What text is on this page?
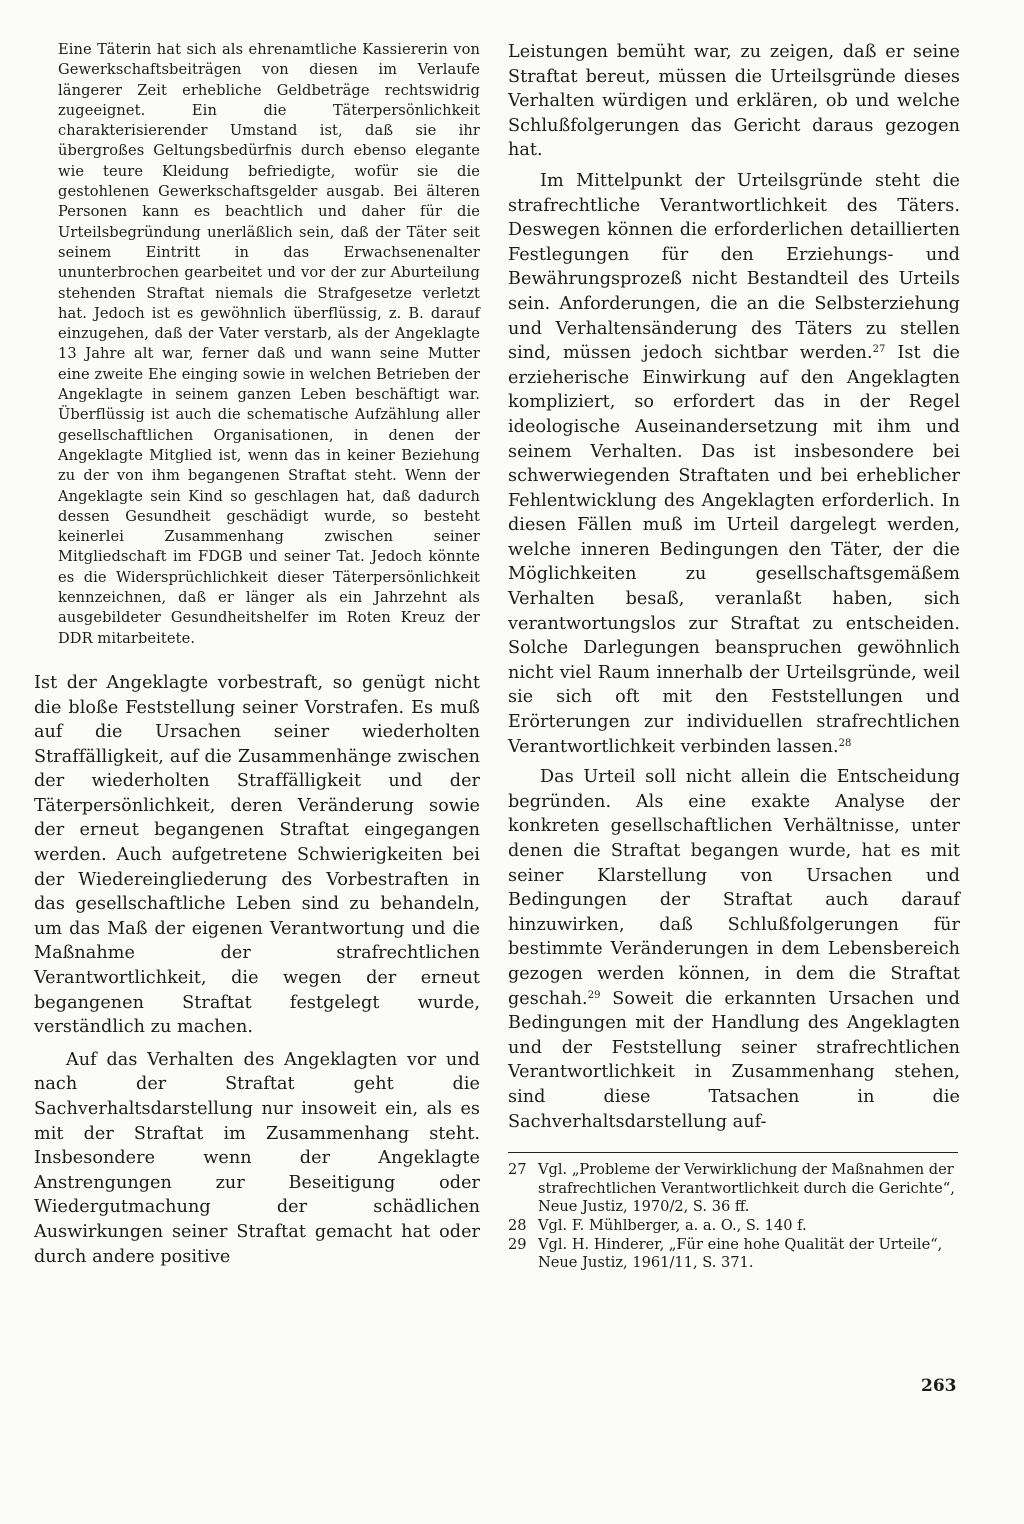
Eine Täterin hat sich als ehrenamtliche Kassiererin von Gewerkschaftsbeiträgen von diesen im Verlaufe längerer Zeit erhebliche Geldbeträge rechtswidrig zugeeignet. Ein die Täterpersönlichkeit charakterisierender Umstand ist, daß sie ihr übergroßes Geltungsbedürfnis durch ebenso elegante wie teure Kleidung befriedigte, wofür sie die gestohlenen Gewerkschaftsgelder ausgab. Bei älteren Personen kann es beachtlich und daher für die Urteilsbegründung unerläßlich sein, daß der Täter seit seinem Eintritt in das Erwachsenenalter ununterbrochen gearbeitet und vor der zur Aburteilung stehenden Straftat niemals die Strafgesetze verletzt hat. Jedoch ist es gewöhnlich überflüssig, z. B. darauf einzugehen, daß der Vater verstarb, als der Angeklagte 13 Jahre alt war, ferner daß und wann seine Mutter eine zweite Ehe einging sowie in welchen Betrieben der Angeklagte in seinem ganzen Leben beschäftigt war. Überflüssig ist auch die schematische Aufzählung aller gesellschaftlichen Organisationen, in denen der Angeklagte Mitglied ist, wenn das in keiner Beziehung zu der von ihm begangenen Straftat steht. Wenn der Angeklagte sein Kind so geschlagen hat, daß dadurch dessen Gesundheit geschädigt wurde, so besteht keinerlei Zusammenhang zwischen seiner Mitgliedschaft im FDGB und seiner Tat. Jedoch könnte es die Widersprüchlichkeit dieser Täterpersönlichkeit kennzeichnen, daß er länger als ein Jahrzehnt als ausgebildeter Gesundheitshelfer im Roten Kreuz der DDR mitarbeitete.

Ist der Angeklagte vorbestraft, so genügt nicht die bloße Feststellung seiner Vorstrafen. Es muß auf die Ursachen seiner wiederholten Straffälligkeit, auf die Zusammenhänge zwischen der wiederholten Straffälligkeit und der Täterpersönlichkeit, deren Veränderung sowie der erneut begangenen Straftat eingegangen werden. Auch aufgetretene Schwierigkeiten bei der Wiedereingliederung des Vorbestraften in das gesellschaftliche Leben sind zu behandeln, um das Maß der eigenen Verantwortung und die Maßnahme der strafrechtlichen Verantwortlichkeit, die wegen der erneut begangenen Straftat festgelegt wurde, verständlich zu machen.

Auf das Verhalten des Angeklagten vor und nach der Straftat geht die Sachverhaltsdarstellung nur insoweit ein, als es mit der Straftat im Zusammenhang steht. Insbesondere wenn der Angeklagte Anstrengungen zur Beseitigung oder Wiedergutmachung der schädlichen Auswirkungen seiner Straftat gemacht hat oder durch andere positive

Leistungen bemüht war, zu zeigen, daß er seine Straftat bereut, müssen die Urteilsgründe dieses Verhalten würdigen und erklären, ob und welche Schlußfolgerungen das Gericht daraus gezogen hat.

Im Mittelpunkt der Urteilsgründe steht die strafrechtliche Verantwortlichkeit des Täters. Deswegen können die erforderlichen detaillierten Festlegungen für den Erziehungs- und Bewährungsprozeß nicht Bestandteil des Urteils sein. Anforderungen, die an die Selbsterziehung und Verhaltensänderung des Täters zu stellen sind, müssen jedoch sichtbar werden.$^{27}$ Ist die erzieherische Einwirkung auf den Angeklagten kompliziert, so erfordert das in der Regel ideologische Auseinandersetzung mit ihm und seinem Verhalten. Das ist insbesondere bei schwerwiegenden Straftaten und bei erheblicher Fehlentwicklung des Angeklagten erforderlich. In diesen Fällen muß im Urteil dargelegt werden, welche inneren Bedingungen den Täter, der die Möglichkeiten zu gesellschaftsgemäßem Verhalten besaß, veranlaßt haben, sich verantwortungslos zur Straftat zu entscheiden. Solche Darlegungen beanspruchen gewöhnlich nicht viel Raum innerhalb der Urteilsgründe, weil sie sich oft mit den Feststellungen und Erörterungen zur individuellen strafrechtlichen Verantwortlichkeit verbinden lassen.$^{28}$

Das Urteil soll nicht allein die Entscheidung begründen. Als eine exakte Analyse der konkreten gesellschaftlichen Verhältnisse, unter denen die Straftat begangen wurde, hat es mit seiner Klarstellung von Ursachen und Bedingungen der Straftat auch darauf hinzuwirken, daß Schlußfolgerungen für bestimmte Veränderungen in dem Lebensbereich gezogen werden können, in dem die Straftat geschah.$^{29}$ Soweit die erkannten Ursachen und Bedingungen mit der Handlung des Angeklagten und der Feststellung seiner strafrechtlichen Verantwortlichkeit in Zusammenhang stehen, sind diese Tatsachen in die Sachverhaltsdarstellung auf-

27 Vgl. „Probleme der Verwirklichung der Maßnahmen der strafrechtlichen Verantwortlichkeit durch die Gerichte“, Neue Justiz, 1970/2, S. 36 ff.
28 Vgl. F. Mühlberger, a. a. O., S. 140 f.
29 Vgl. H. Hinderer, „Für eine hohe Qualität der Urteile“, Neue Justiz, 1961/11, S. 371.
263
